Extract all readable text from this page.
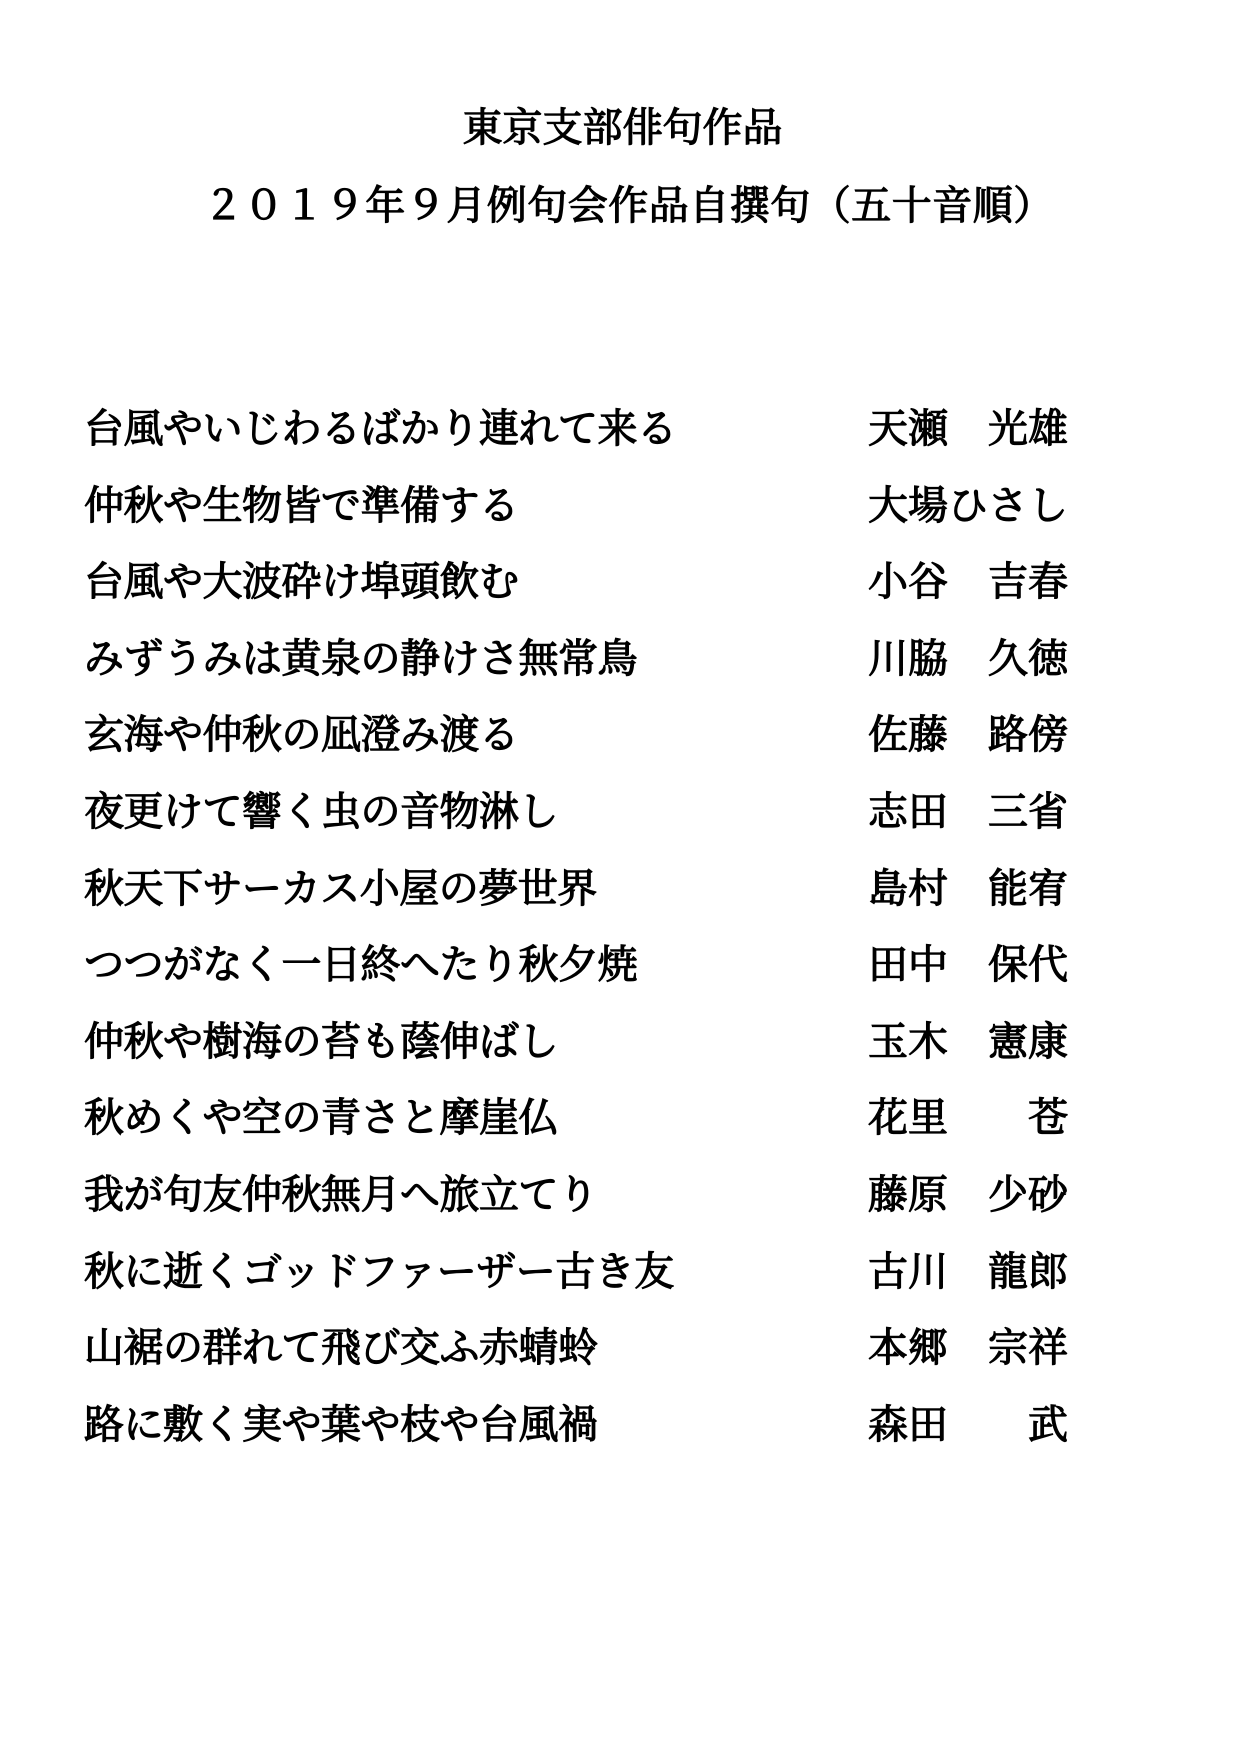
東京支部俳句作品
２０１９年９月例句会作品自撰句（五十音順）
台風やいじわるばかり連れて来る	天瀬　光雄
仲秋や生物皆で準備する	大場ひさし
台風や大波砕け埠頭飲む	小谷　吉春
みずうみは黄泉の静けさ無常鳥	川脇　久徳
玄海や仲秋の凪澄み渡る	佐藤　路傍
夜更けて響く虫の音物淋し	志田　三省
秋天下サーカス小屋の夢世界	島村　能宥
つつがなく一日終へたり秋夕焼	田中　保代
仲秋や樹海の苔も蔭伸ばし	玉木　憲康
秋めくや空の青さと摩崖仏	花里　　苍
我が句友仲秋無月へ旅立てり	藤原　少砂
秋に逝くゴッドファーザー古き友	古川　龍郎
山裾の群れて飛び交ふ赤蜻蛉	本郷　宗祥
路に敷く実や葉や枝や台風禍	森田　　武
